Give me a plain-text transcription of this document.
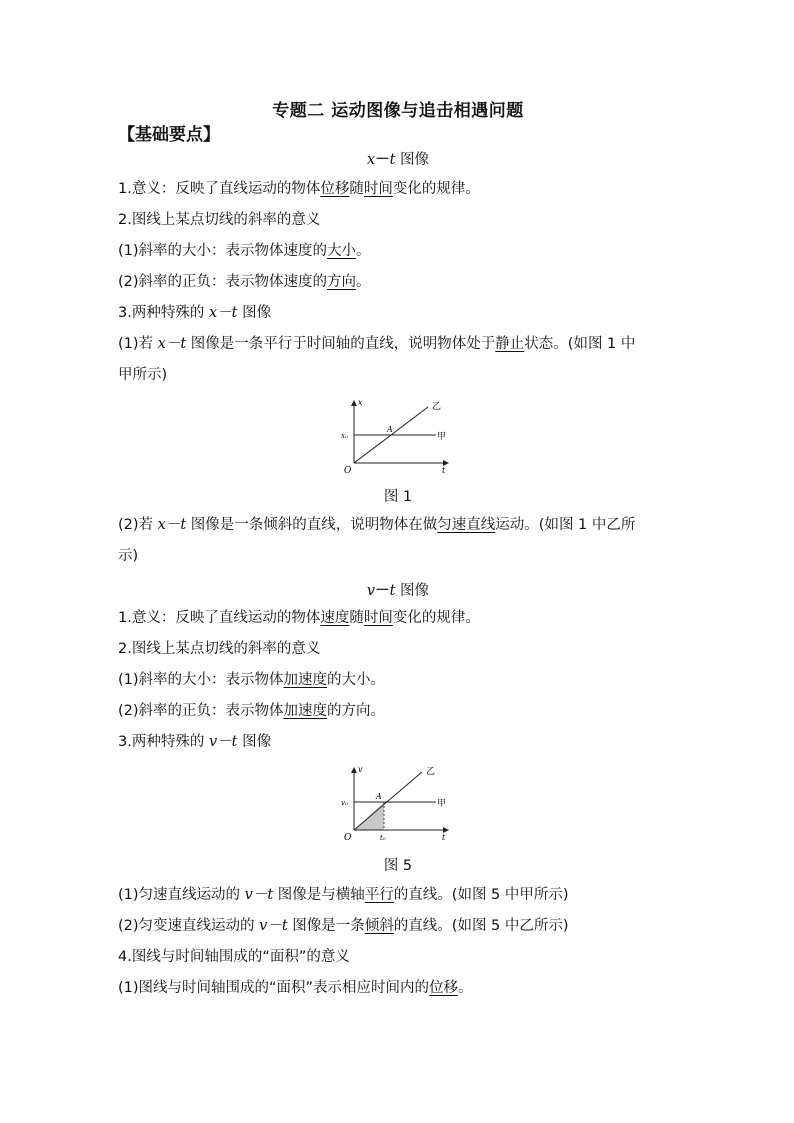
专题二 运动图像与追击相遇问题
【基础要点】
x－t 图像
1.意义：反映了直线运动的物体位移随时间变化的规律。
2.图线上某点切线的斜率的意义
(1)斜率的大小：表示物体速度的大小。
(2)斜率的正负：表示物体速度的方向。
3.两种特殊的 x－t 图像
(1)若 x－t 图像是一条平行于时间轴的直线，说明物体处于静止状态。(如图 1 中
甲所示)
x
t
O
x₀
A
甲
乙
图 1
(2)若 x－t 图像是一条倾斜的直线，说明物体在做匀速直线运动。(如图 1 中乙所
示)
v－t 图像
1.意义：反映了直线运动的物体速度随时间变化的规律。
2.图线上某点切线的斜率的意义
(1)斜率的大小：表示物体加速度的大小。
(2)斜率的正负：表示物体加速度的方向。
3.两种特殊的 v－t 图像
v
t
O
v₀
t₀
A
甲
乙
图 5
(1)匀速直线运动的 v－t 图像是与横轴平行的直线。(如图 5 中甲所示)
(2)匀变速直线运动的 v－t 图像是一条倾斜的直线。(如图 5 中乙所示)
4.图线与时间轴围成的“面积”的意义
(1)图线与时间轴围成的“面积”表示相应时间内的位移。
